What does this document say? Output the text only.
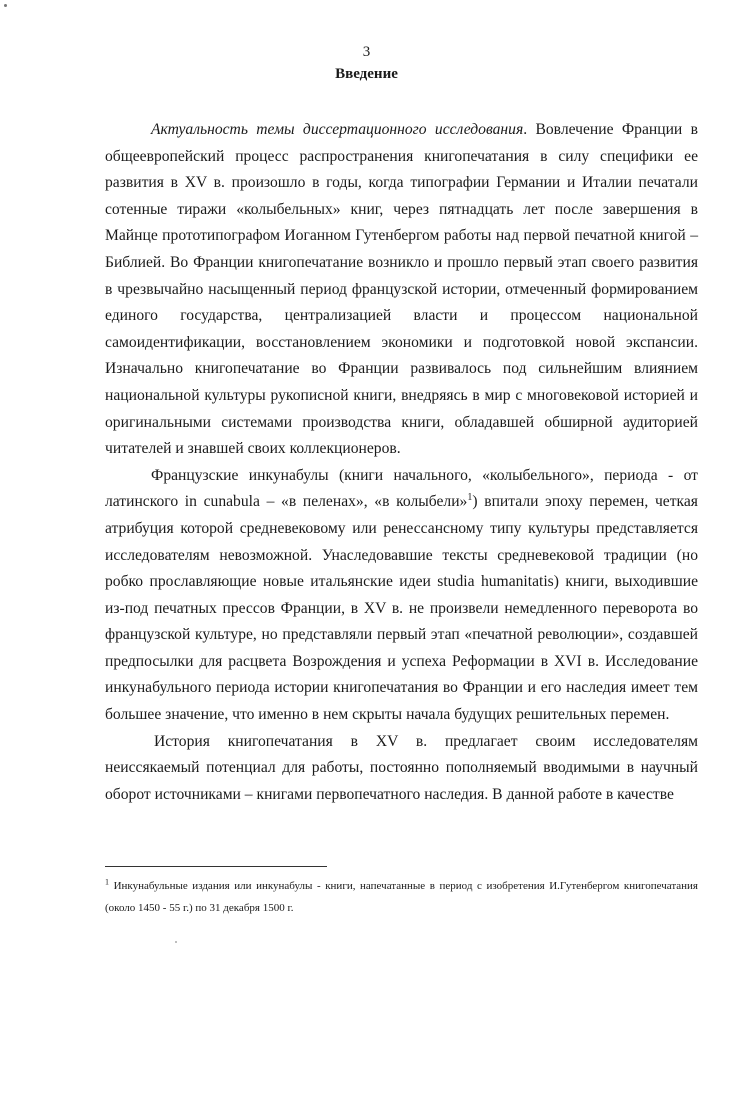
3
Введение

Актуальность темы диссертационного исследования. Вовлечение Франции в общеевропейский процесс распространения книгопечатания в силу специфики ее развития в XV в. произошло в годы, когда типографии Германии и Италии печатали сотенные тиражи «колыбельных» книг, через пятнадцать лет после завершения в Майнце прототипографом Иоганном Гутенбергом работы над первой печатной книгой – Библией. Во Франции книгопечатание возникло и прошло первый этап своего развития в чрезвычайно насыщенный период французской истории, отмеченный формированием единого государства, централизацией власти и процессом национальной самоидентификации, восстановлением экономики и подготовкой новой экспансии. Изначально книгопечатание во Франции развивалось под сильнейшим влиянием национальной культуры рукописной книги, внедряясь в мир с многовековой историей и оригинальными системами производства книги, обладавшей обширной аудиторией читателей и знавшей своих коллекционеров.

Французские инкунабулы (книги начального, «колыбельного», периода - от латинского in cunabula – «в пеленах», «в колыбели»$^1$) впитали эпоху перемен, четкая атрибуция которой средневековому или ренессансному типу культуры представляется исследователям невозможной. Унаследовавшие тексты средневековой традиции (но робко прославляющие новые итальянские идеи studia humanitatis) книги, выходившие из-под печатных прессов Франции, в XV в. не произвели немедленного переворота во французской культуре, но представляли первый этап «печатной революции», создавшей предпосылки для расцвета Возрождения и успеха Реформации в XVI в. Исследование инкунабульного периода истории книгопечатания во Франции и его наследия имеет тем большее значение, что именно в нем скрыты начала будущих решительных перемен.

История книгопечатания в XV в. предлагает своим исследователям неиссякаемый потенциал для работы, постоянно пополняемый вводимыми в научный оборот источниками – книгами первопечатного наследия. В данной работе в качестве

$^1$ Инкунабульные издания или инкунабулы - книги, напечатанные в период с изобретения И.Гутенбергом книгопечатания (около 1450 - 55 г.) по 31 декабря 1500 г.
